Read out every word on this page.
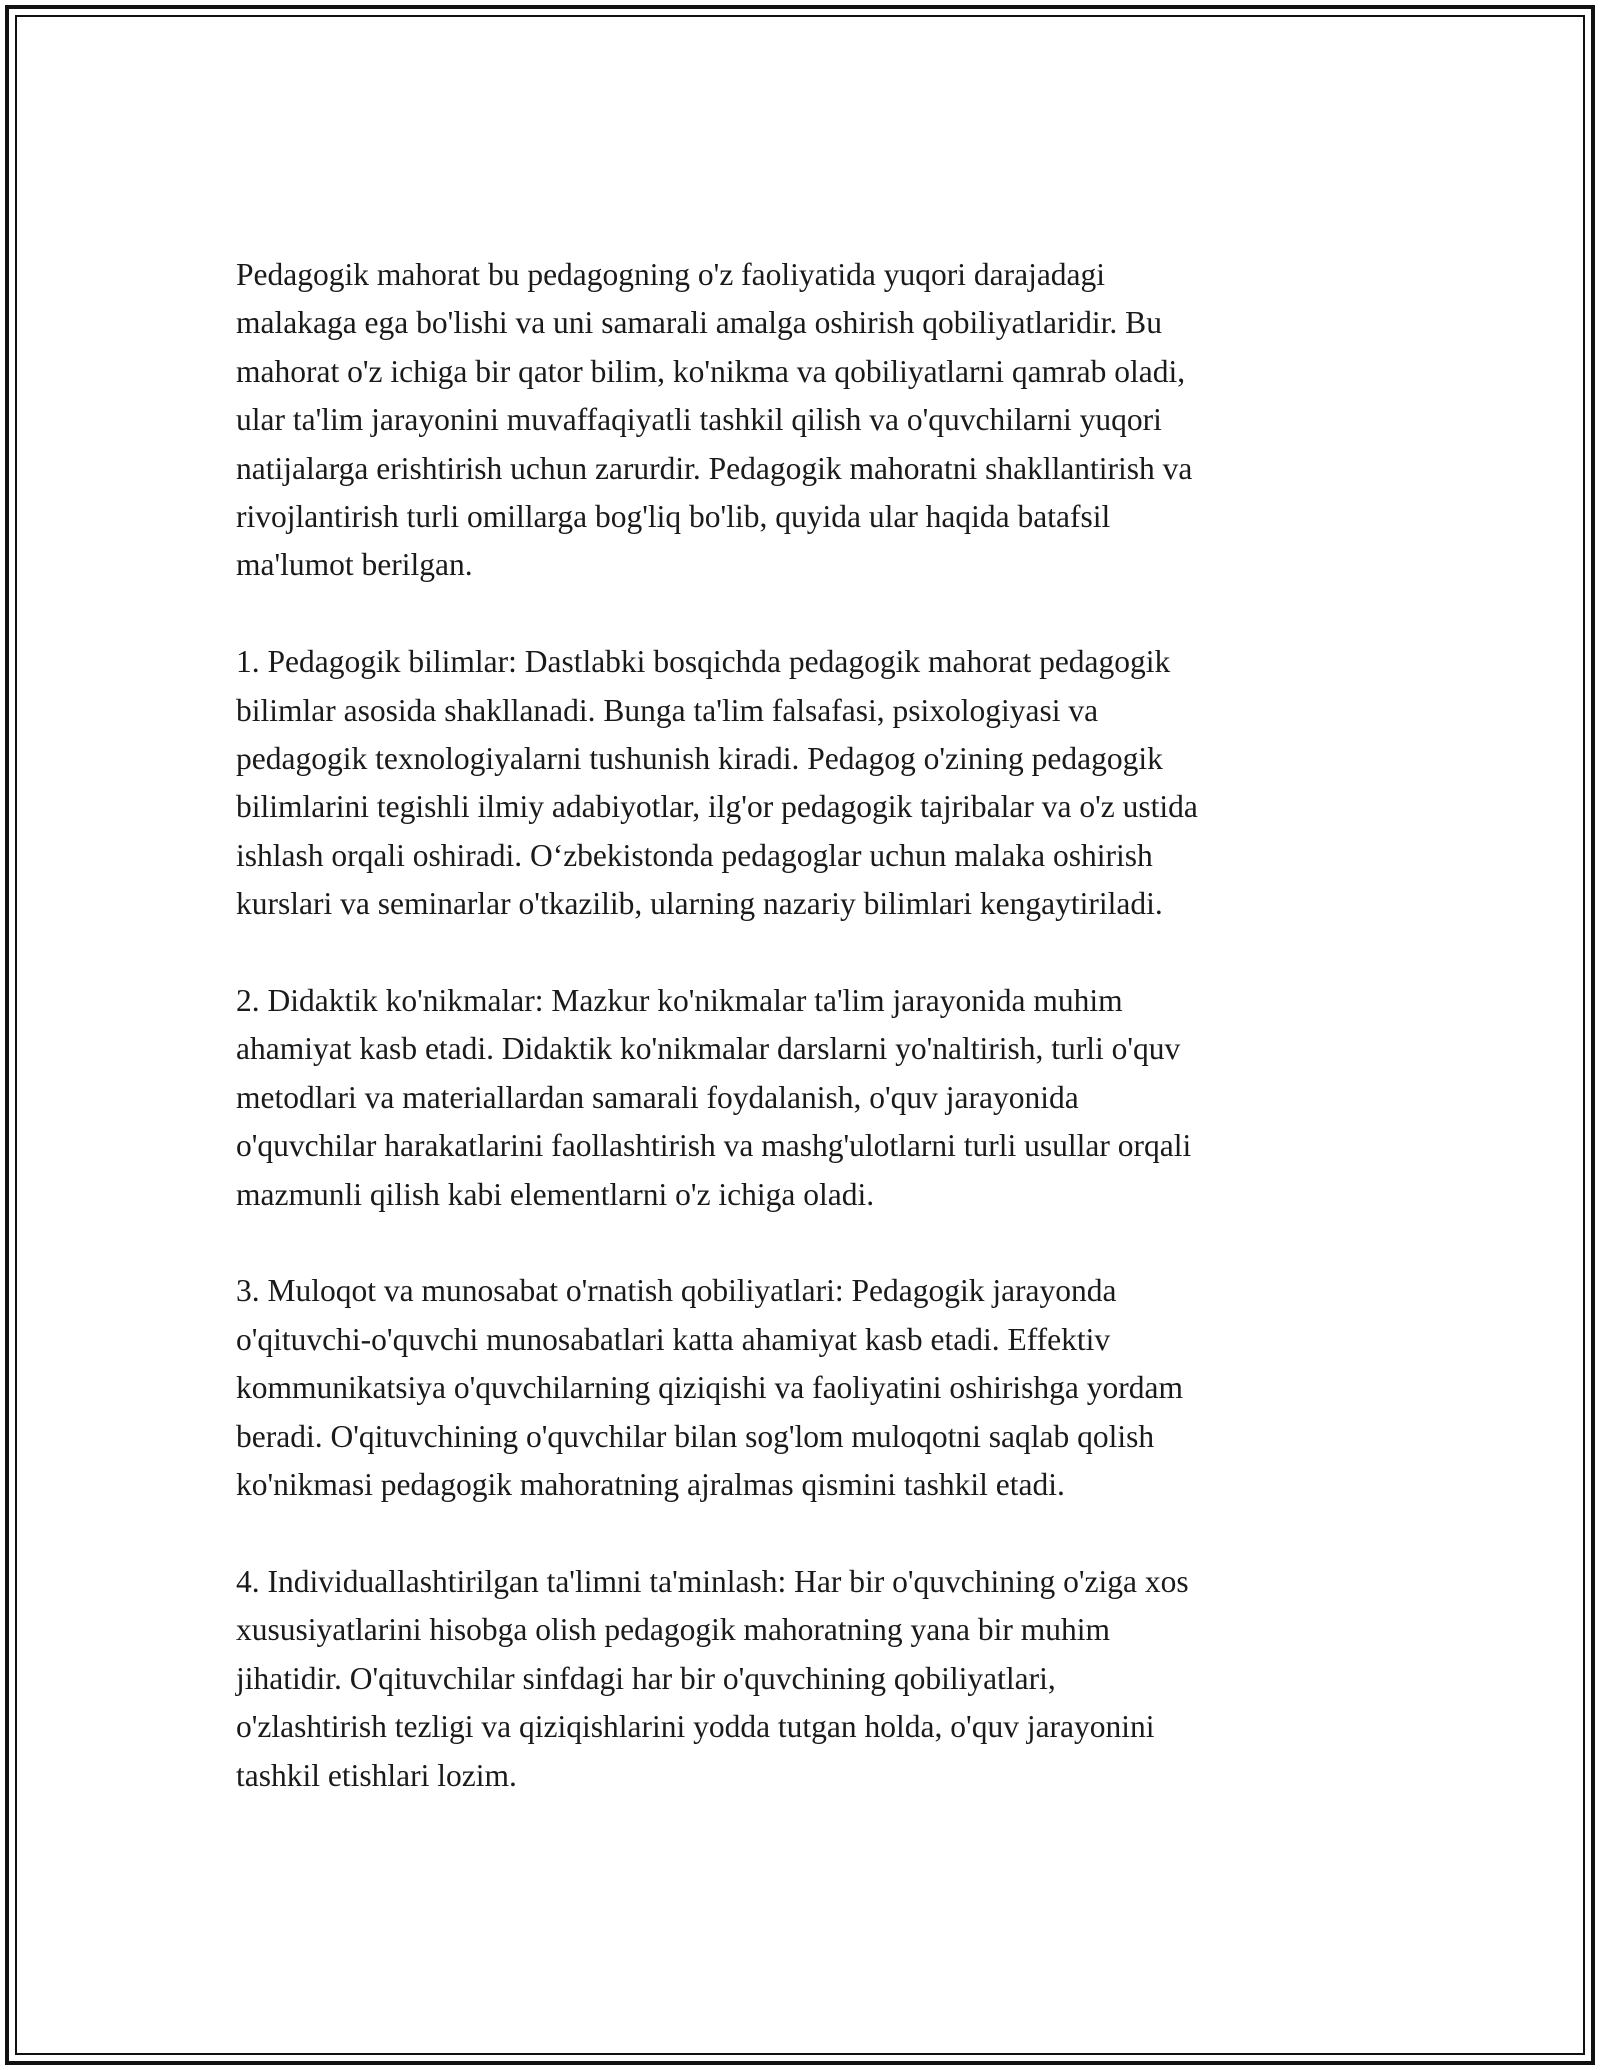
Pedagogik mahorat bu pedagogning o'z faoliyatida yuqori darajadagi
malakaga ega bo'lishi va uni samarali amalga oshirish qobiliyatlaridir. Bu
mahorat o'z ichiga bir qator bilim, ko'nikma va qobiliyatlarni qamrab oladi,
ular ta'lim jarayonini muvaffaqiyatli tashkil qilish va o'quvchilarni yuqori
natijalarga erishtirish uchun zarurdir. Pedagogik mahoratni shakllantirish va
rivojlantirish turli omillarga bog'liq bo'lib, quyida ular haqida batafsil
ma'lumot berilgan.

1. Pedagogik bilimlar: Dastlabki bosqichda pedagogik mahorat pedagogik
bilimlar asosida shakllanadi. Bunga ta'lim falsafasi, psixologiyasi va
pedagogik texnologiyalarni tushunish kiradi. Pedagog o'zining pedagogik
bilimlarini tegishli ilmiy adabiyotlar, ilg'or pedagogik tajribalar va o'z ustida
ishlash orqali oshiradi. O‘zbekistonda pedagoglar uchun malaka oshirish
kurslari va seminarlar o'tkazilib, ularning nazariy bilimlari kengaytiriladi.

2. Didaktik ko'nikmalar: Mazkur ko'nikmalar ta'lim jarayonida muhim
ahamiyat kasb etadi. Didaktik ko'nikmalar darslarni yo'naltirish, turli o'quv
metodlari va materiallardan samarali foydalanish, o'quv jarayonida
o'quvchilar harakatlarini faollashtirish va mashg'ulotlarni turli usullar orqali
mazmunli qilish kabi elementlarni o'z ichiga oladi.

3. Muloqot va munosabat o'rnatish qobiliyatlari: Pedagogik jarayonda
o'qituvchi-o'quvchi munosabatlari katta ahamiyat kasb etadi. Effektiv
kommunikatsiya o'quvchilarning qiziqishi va faoliyatini oshirishga yordam
beradi. O'qituvchining o'quvchilar bilan sog'lom muloqotni saqlab qolish
ko'nikmasi pedagogik mahoratning ajralmas qismini tashkil etadi.

4. Individuallashtirilgan ta'limni ta'minlash: Har bir o'quvchining o'ziga xos
xususiyatlarini hisobga olish pedagogik mahoratning yana bir muhim
jihatidir. O'qituvchilar sinfdagi har bir o'quvchining qobiliyatlari,
o'zlashtirish tezligi va qiziqishlarini yodda tutgan holda, o'quv jarayonini
tashkil etishlari lozim.
